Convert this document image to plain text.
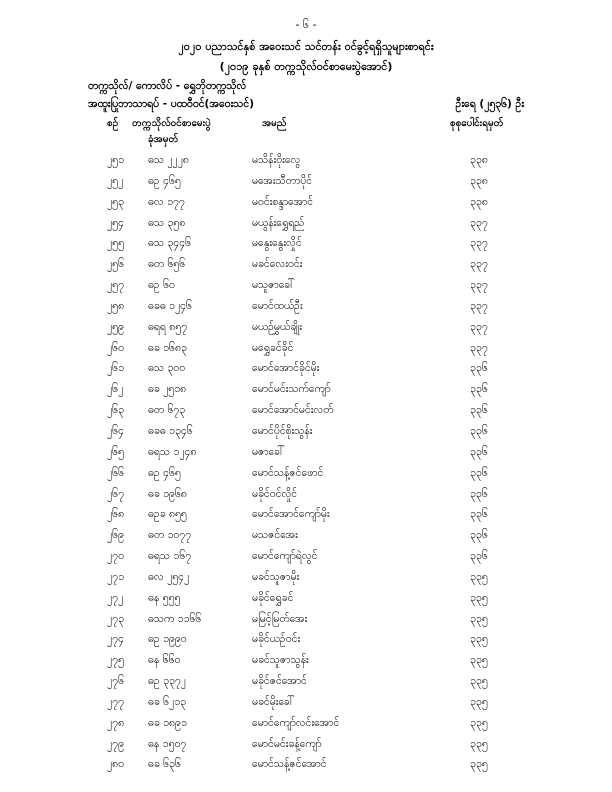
- ၆ -
၂၀၂၀ ပညာသင်နှစ် အဝေးသင် သင်တန်း ဝင်ခွင့်ရရှိသူများစာရင်း
(၂၀၁၉ ခုနှစ် တက္ကသိုလ်ဝင်စာမေးပွဲအောင်)
တက္ကသိုလ်/ ကောလိပ် - ရွှေဘိုတက္ကသိုလ်
အထူးပြုဘာသာရပ် - ပထဝီဝင်(အဝေးသင်)	ဦးရေ (၂၅၃၆) ဦး
စဉ် တက္ကသိုလ်ဝင်စာမေးပွဲ
ခုံအမှတ်
အမည်	စုစုပေါင်းရမှတ်
၂၅၁ ဓသ ၂၂၂၈	မသိန်းဝိုးလွေ	၃၃၈
၂၅၂ ဓဥ ၄၆၅	မအေးသီတာပိုင်	၃၃၈
၂၅၃ ဓလ ၁၇၇	မဝင်းစန္ဒာအောင်	၃၃၈
၂၅၄ ဓသ ၃၅၈	မယွန်းရွှေရည်	၃၃၇
၂၅၅ ဓသ ၃၄၄၆	မနွေးနွေးလှိုင်	၃၃၇
၂၅၆ ဓတ ၆၅၆	မခင်လေးဝင်း	၃၃၇
၂၅၇ ဓဥ ၆၀	မသူဇာခေါ်	၃၃၇
၂၅၈ ဓခဓ ၁၂၄၆	မောင်ထယ်ဦး	၃၃၇
၂၅၉ ဓရရ ၈၅၇	မယဉ်မွှယ်ချိုး	၃၃၇
၂၆၀ ဓခ ၁၆၈၃	မရွှေခင်ခိုင်	၃၃၇
၂၆၁ ဓသ ၃၀၀	မောင်အောင်ခိုင်မိုး	၃၃၆
၂၆၂ ဓခ ၂၅၁၈	မောင်မင်းသက်ကျော်	၃၃၆
၂၆၃ ဓတ ၆၇၃	မောင်အောင်မင်းလတ်	၃၃၆
၂၆၄ ဓခဓ ၁၃၄၆	မောင်ပိုင်စိုးသွန်း	၃၃၆
၂၆၅ ဓရသ ၁၂၄၈	မဇာခေါ်	၃၃၆
၂၆၆ ဓဥ ၄၆၅	မောင်သန့်ဇင်ဖောင်	၃၃၆
၂၆၇ ဓခ ၁၉၆၈	မခိုင်ဝင်လှိုင်	၃၃၆
၂၆၈ ဓဥခ ၈၅၅	မောင်အောင်ကျော်မိုး	၃၃၆
၂၆၉ ဓတ ၁၀၇၇	မသဇင်အေး	၃၃၆
၂၇၀ ဓရသ ၁၆၇	မောင်ကျော်ရဲလွင်	၃၃၆
၂၇၁ ဓလ ၂၅၄၂	မခင်သူဇာမိုး	၃၃၅
၂၇၂ ဓန ၅၅၅	မခိုင်ရွှေခင်	၃၃၅
၂၇၃ ဓသက ၁၁၆၆	မမြင့်မြတ်အေး	၃၃၅
၂၇၄ ဓဥ ၁၉၉၀	မခိုင်ယဉ်ဝင်း	၃၃၅
၂၇၅ ဓန ၆၆၀	မခင်သူဇာသွန်း	၃၃၅
၂၇၆ ဓဥ ၃၃၇၂	မခိုင်ဇင်အောင်	၃၃၅
၂၇၇ ဓခ ၆၂၁၃	မခင်မိုးခေါ်	၃၃၅
၂၇၈ ဓခ ၁၈၉၁	မောင်ကျော်လင်းအောင်	၃၃၅
၂၇၉ ဓန ၁၅၀၇	မောင်မင်းခန့်ကျော်	၃၃၅
၂၈၀ ဓခ ၆၃၆	မောင်သန့်ဇင်အောင်	၃၃၅
